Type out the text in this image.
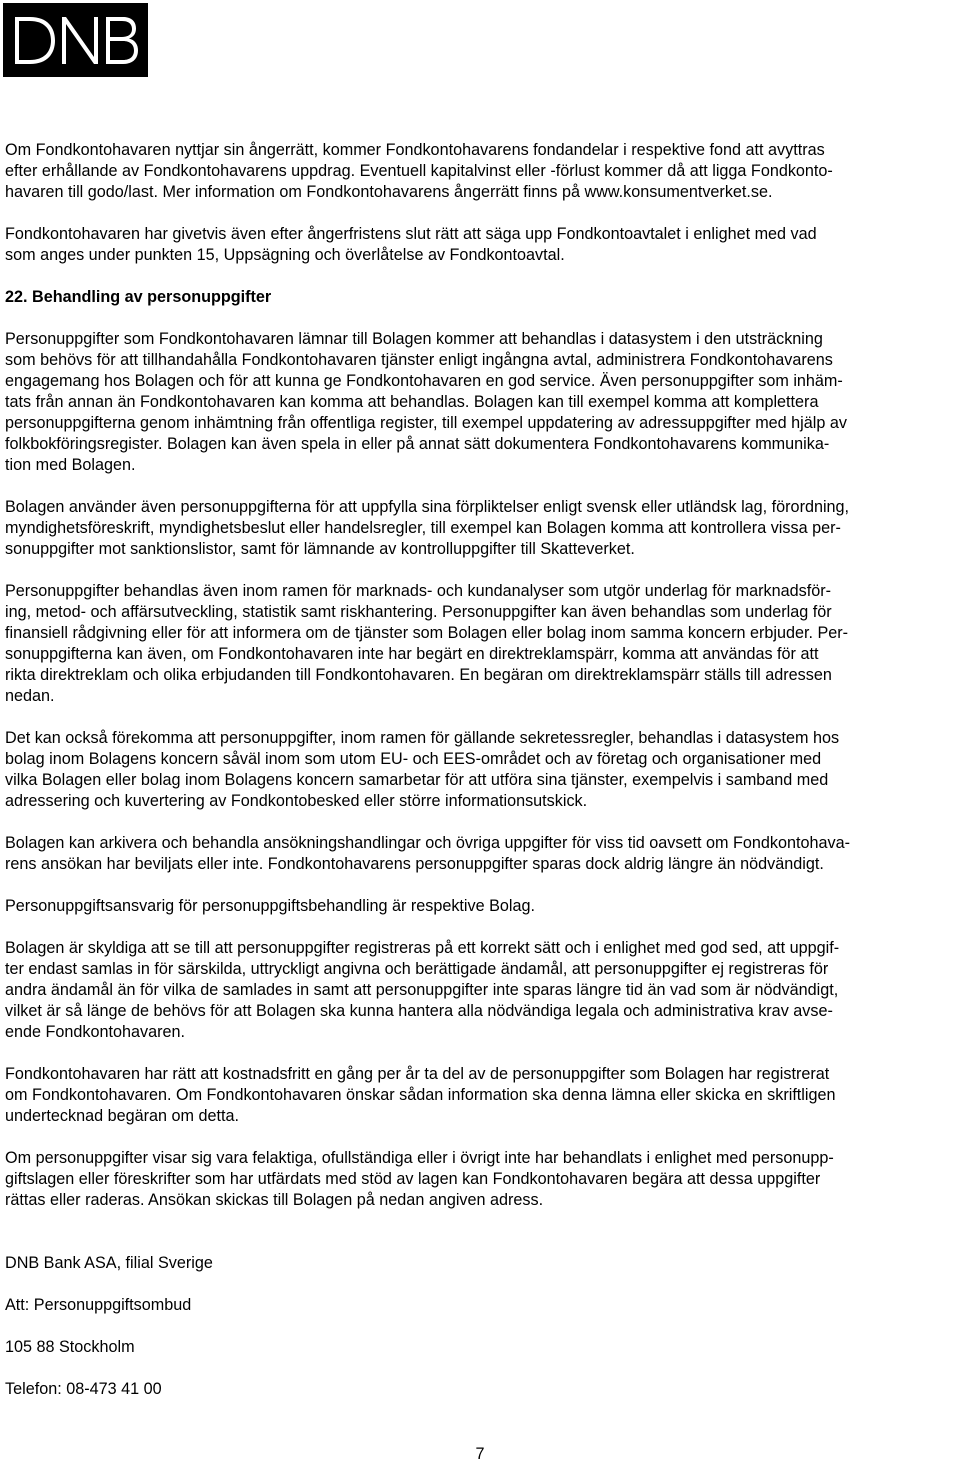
Om Fondkontohavaren nyttjar sin ångerrätt, kommer Fondkontohavarens fondandelar i respektive fond att avyttras
efter erhållande av Fondkontohavarens uppdrag. Eventuell kapitalvinst eller -förlust kommer då att ligga Fondkonto-
havaren till godo/last. Mer information om Fondkontohavarens ångerrätt finns på www.konsumentverket.se.

Fondkontohavaren har givetvis även efter ångerfristens slut rätt att säga upp Fondkontoavtalet i enlighet med vad
som anges under punkten 15, Uppsägning och överlåtelse av Fondkontoavtal.

22. Behandling av personuppgifter

Personuppgifter som Fondkontohavaren lämnar till Bolagen kommer att behandlas i datasystem i den utsträckning
som behövs för att tillhandahålla Fondkontohavaren tjänster enligt ingångna avtal, administrera Fondkontohavarens
engagemang hos Bolagen och för att kunna ge Fondkontohavaren en god service. Även personuppgifter som inhäm-
tats från annan än Fondkontohavaren kan komma att behandlas. Bolagen kan till exempel komma att komplettera
personuppgifterna genom inhämtning från offentliga register, till exempel uppdatering av adressuppgifter med hjälp av
folkbokföringsregister. Bolagen kan även spela in eller på annat sätt dokumentera Fondkontohavarens kommunika-
tion med Bolagen.

Bolagen använder även personuppgifterna för att uppfylla sina förpliktelser enligt svensk eller utländsk lag, förordning,
myndighetsföreskrift, myndighetsbeslut eller handelsregler, till exempel kan Bolagen komma att kontrollera vissa per-
sonuppgifter mot sanktionslistor, samt för lämnande av kontrolluppgifter till Skatteverket.

Personuppgifter behandlas även inom ramen för marknads- och kundanalyser som utgör underlag för marknadsför-
ing, metod- och affärsutveckling, statistik samt riskhantering. Personuppgifter kan även behandlas som underlag för
finansiell rådgivning eller för att informera om de tjänster som Bolagen eller bolag inom samma koncern erbjuder. Per-
sonuppgifterna kan även, om Fondkontohavaren inte har begärt en direktreklamspärr, komma att användas för att
rikta direktreklam och olika erbjudanden till Fondkontohavaren. En begäran om direktreklamspärr ställs till adressen
nedan.

Det kan också förekomma att personuppgifter, inom ramen för gällande sekretessregler, behandlas i datasystem hos
bolag inom Bolagens koncern såväl inom som utom EU- och EES-området och av företag och organisationer med
vilka Bolagen eller bolag inom Bolagens koncern samarbetar för att utföra sina tjänster, exempelvis i samband med
adressering och kuvertering av Fondkontobesked eller större informationsutskick.

Bolagen kan arkivera och behandla ansökningshandlingar och övriga uppgifter för viss tid oavsett om Fondkontohava-
rens ansökan har beviljats eller inte. Fondkontohavarens personuppgifter sparas dock aldrig längre än nödvändigt.

Personuppgiftsansvarig för personuppgiftsbehandling är respektive Bolag.

Bolagen är skyldiga att se till att personuppgifter registreras på ett korrekt sätt och i enlighet med god sed, att uppgif-
ter endast samlas in för särskilda, uttryckligt angivna och berättigade ändamål, att personuppgifter ej registreras för
andra ändamål än för vilka de samlades in samt att personuppgifter inte sparas längre tid än vad som är nödvändigt,
vilket är så länge de behövs för att Bolagen ska kunna hantera alla nödvändiga legala och administrativa krav avse-
ende Fondkontohavaren.

Fondkontohavaren har rätt att kostnadsfritt en gång per år ta del av de personuppgifter som Bolagen har registrerat
om Fondkontohavaren. Om Fondkontohavaren önskar sådan information ska denna lämna eller skicka en skriftligen
undertecknad begäran om detta.

Om personuppgifter visar sig vara felaktiga, ofullständiga eller i övrigt inte har behandlats i enlighet med personupp-
giftslagen eller föreskrifter som har utfärdats med stöd av lagen kan Fondkontohavaren begära att dessa uppgifter
rättas eller raderas. Ansökan skickas till Bolagen på nedan angiven adress.

DNB Bank ASA, filial Sverige

Att: Personuppgiftsombud

105 88 Stockholm

Telefon: 08-473 41 00

7
